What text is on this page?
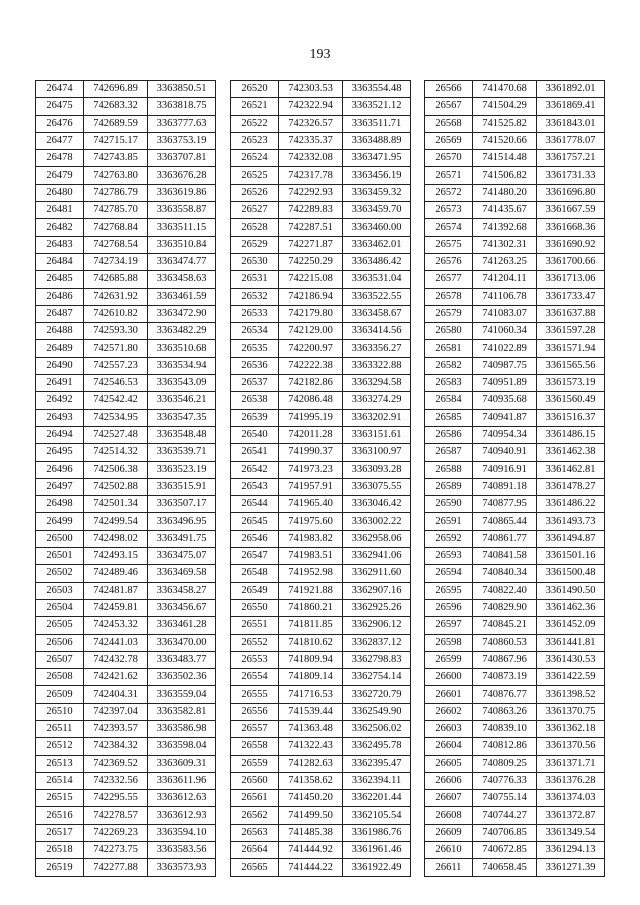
193
26474	742696.89	3363850.51
26475	742683.32	3363818.75
26476	742689.59	3363777.63
26477	742715.17	3363753.19
26478	742743.85	3363707.81
26479	742763.80	3363676.28
26480	742786.79	3363619.86
26481	742785.70	3363558.87
26482	742768.84	3363511.15
26483	742768.54	3363510.84
26484	742734.19	3363474.77
26485	742685.88	3363458.63
26486	742631.92	3363461.59
26487	742610.82	3363472.90
26488	742593.30	3363482.29
26489	742571.80	3363510.68
26490	742557.23	3363534.94
26491	742546.53	3363543.09
26492	742542.42	3363546.21
26493	742534.95	3363547.35
26494	742527.48	3363548.48
26495	742514.32	3363539.71
26496	742506.38	3363523.19
26497	742502.88	3363515.91
26498	742501.34	3363507.17
26499	742499.54	3363496.95
26500	742498.02	3363491.75
26501	742493.15	3363475.07
26502	742489.46	3363469.58
26503	742481.87	3363458.27
26504	742459.81	3363456.67
26505	742453.32	3363461.28
26506	742441.03	3363470.00
26507	742432.78	3363483.77
26508	742421.62	3363502.36
26509	742404.31	3363559.04
26510	742397.04	3363582.81
26511	742393.57	3363586.98
26512	742384.32	3363598.04
26513	742369.52	3363609.31
26514	742332.56	3363611.96
26515	742295.55	3363612.63
26516	742278.57	3363612.93
26517	742269.23	3363594.10
26518	742273.75	3363583.56
26519	742277.88	3363573.93
26520	742303.53	3363554.48
26521	742322.94	3363521.12
26522	742326.57	3363511.71
26523	742335.37	3363488.89
26524	742332.08	3363471.95
26525	742317.78	3363456.19
26526	742292.93	3363459.32
26527	742289.83	3363459.70
26528	742287.51	3363460.00
26529	742271.87	3363462.01
26530	742250.29	3363486.42
26531	742215.08	3363531.04
26532	742186.94	3363522.55
26533	742179.80	3363458.67
26534	742129.00	3363414.56
26535	742200.97	3363356.27
26536	742222.38	3363322.88
26537	742182.86	3363294.58
26538	742086.48	3363274.29
26539	741995.19	3363202.91
26540	742011.28	3363151.61
26541	741990.37	3363100.97
26542	741973.23	3363093.28
26543	741957.91	3363075.55
26544	741965.40	3363046.42
26545	741975.60	3363002.22
26546	741983.82	3362958.06
26547	741983.51	3362941.06
26548	741952.98	3362911.60
26549	741921.88	3362907.16
26550	741860.21	3362925.26
26551	741811.85	3362906.12
26552	741810.62	3362837.12
26553	741809.94	3362798.83
26554	741809.14	3362754.14
26555	741716.53	3362720.79
26556	741539.44	3362549.90
26557	741363.48	3362506.02
26558	741322.43	3362495.78
26559	741282.63	3362395.47
26560	741358.62	3362394.11
26561	741450.20	3362201.44
26562	741499.50	3362105.54
26563	741485.38	3361986.76
26564	741444.92	3361961.46
26565	741444.22	3361922.49
26566	741470.68	3361892.01
26567	741504.29	3361869.41
26568	741525.82	3361843.01
26569	741520.66	3361778.07
26570	741514.48	3361757.21
26571	741506.82	3361731.33
26572	741480.20	3361696.80
26573	741435.67	3361667.59
26574	741392.68	3361668.36
26575	741302.31	3361690.92
26576	741263.25	3361700.66
26577	741204.11	3361713.06
26578	741106.78	3361733.47
26579	741083.07	3361637.88
26580	741060.34	3361597.28
26581	741022.89	3361571.94
26582	740987.75	3361565.56
26583	740951.89	3361573.19
26584	740935.68	3361560.49
26585	740941.87	3361516.37
26586	740954.34	3361486.15
26587	740940.91	3361462.38
26588	740916.91	3361462.81
26589	740891.18	3361478.27
26590	740877.95	3361486.22
26591	740865.44	3361493.73
26592	740861.77	3361494.87
26593	740841.58	3361501.16
26594	740840.34	3361500.48
26595	740822.40	3361490.50
26596	740829.90	3361462.36
26597	740845.21	3361452.09
26598	740860.53	3361441.81
26599	740867.96	3361430.53
26600	740873.19	3361422.59
26601	740876.77	3361398.52
26602	740863.26	3361370.75
26603	740839.10	3361362.18
26604	740812.86	3361370.56
26605	740809.25	3361371.71
26606	740776.33	3361376.28
26607	740755.14	3361374.03
26608	740744.27	3361372.87
26609	740706.85	3361349.54
26610	740672.85	3361294.13
26611	740658.45	3361271.39
